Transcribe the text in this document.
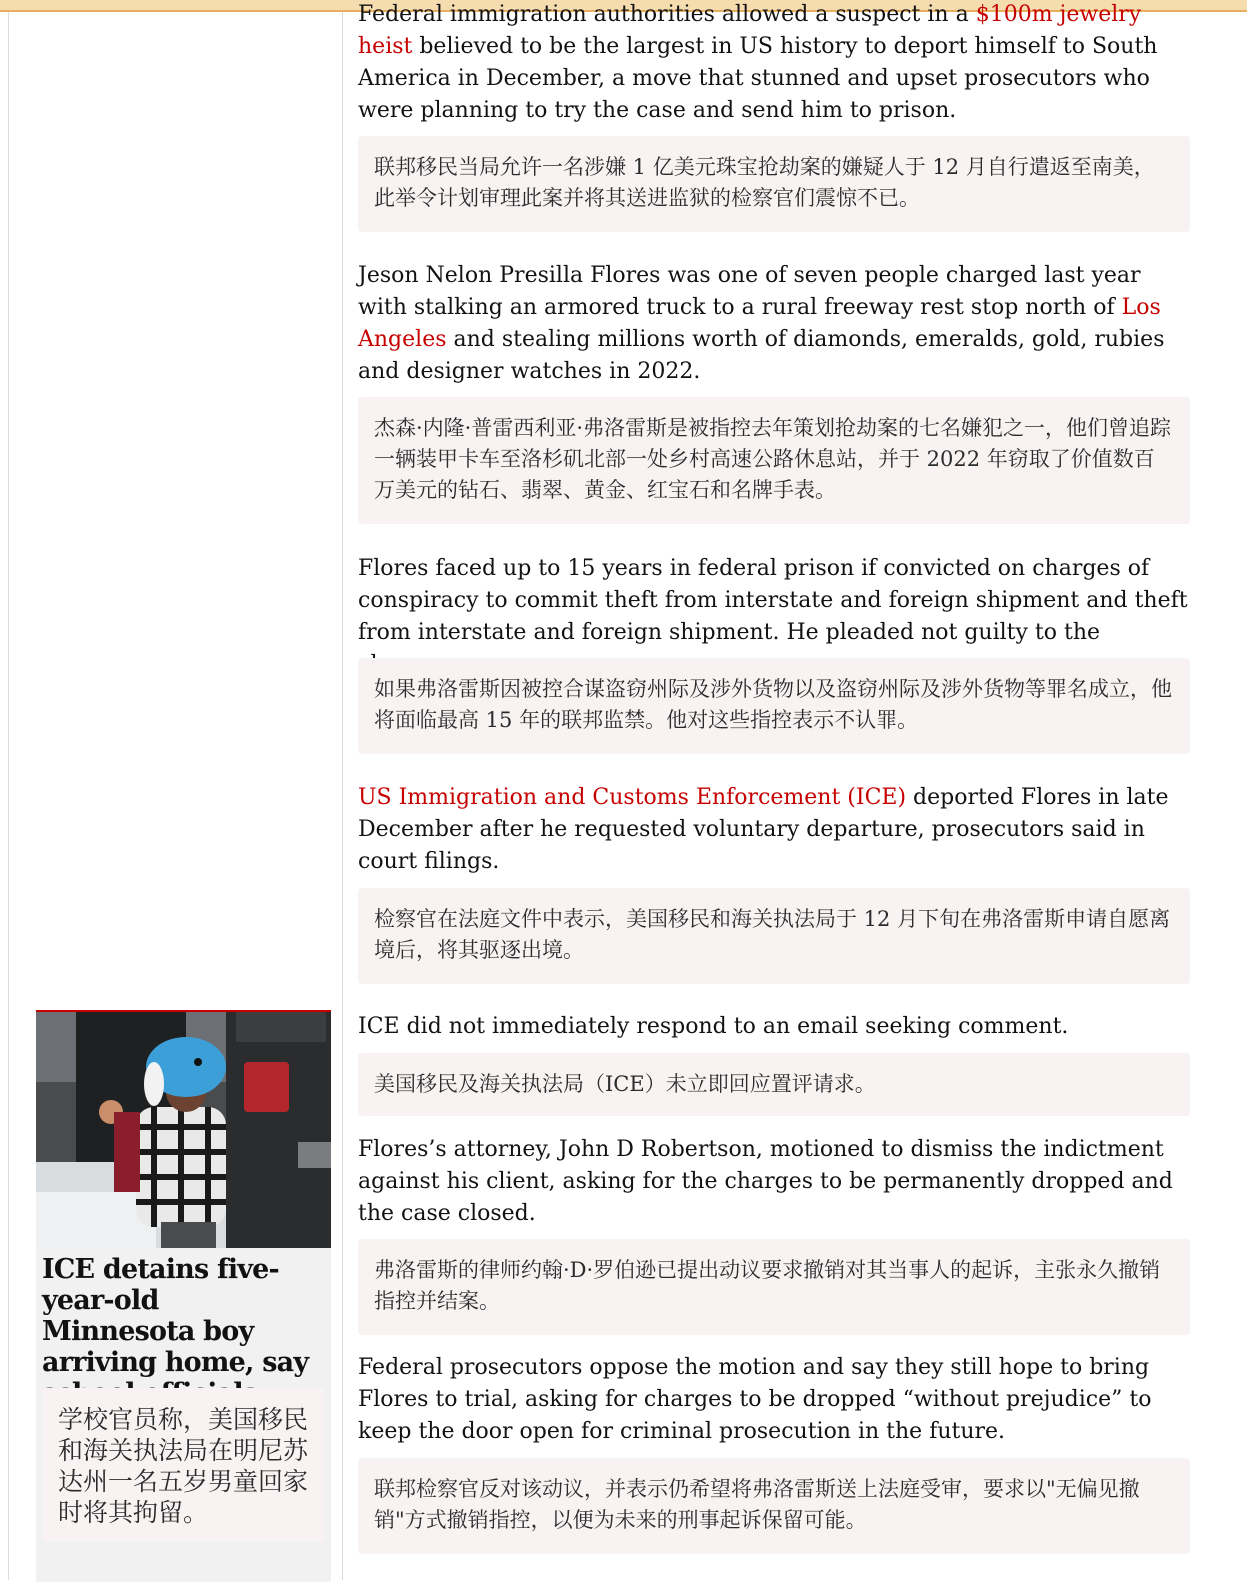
Federal immigration authorities allowed a suspect in a $100m jewelry heist believed to be the largest in US history to deport himself to South America in December, a move that stunned and upset prosecutors who were planning to try the case and send him to prison.

联邦移民当局允许一名涉嫌 1 亿美元珠宝抢劫案的嫌疑人于 12 月自行遣返至南美，此举令计划审理此案并将其送进监狱的检察官们震惊不已。

Jeson Nelon Presilla Flores was one of seven people charged last year with stalking an armored truck to a rural freeway rest stop north of Los Angeles and stealing millions worth of diamonds, emeralds, gold, rubies and designer watches in 2022.

杰森·内隆·普雷西利亚·弗洛雷斯是被指控去年策划抢劫案的七名嫌犯之一，他们曾追踪一辆装甲卡车至洛杉矶北部一处乡村高速公路休息站，并于 2022 年窃取了价值数百万美元的钻石、翡翠、黄金、红宝石和名牌手表。

Flores faced up to 15 years in federal prison if convicted on charges of conspiracy to commit theft from interstate and foreign shipment and theft from interstate and foreign shipment. He pleaded not guilty to the

如果弗洛雷斯因被控合谋盗窃州际及涉外货物以及盗窃州际及涉外货物等罪名成立，他将面临最高 15 年的联邦监禁。他对这些指控表示不认罪。

US Immigration and Customs Enforcement (ICE) deported Flores in late December after he requested voluntary departure, prosecutors said in court filings.

检察官在法庭文件中表示，美国移民和海关执法局于 12 月下旬在弗洛雷斯申请自愿离境后，将其驱逐出境。

ICE did not immediately respond to an email seeking comment.

美国移民及海关执法局（ICE）未立即回应置评请求。

Flores’s attorney, John D Robertson, motioned to dismiss the indictment against his client, asking for the charges to be permanently dropped and the case closed.

弗洛雷斯的律师约翰·D·罗伯逊已提出动议要求撤销对其当事人的起诉，主张永久撤销指控并结案。

Federal prosecutors oppose the motion and say they still hope to bring Flores to trial, asking for charges to be dropped “without prejudice” to keep the door open for criminal prosecution in the future.

联邦检察官反对该动议，并表示仍希望将弗洛雷斯送上法庭受审，要求以"无偏见撤销"方式撤销指控，以便为未来的刑事起诉保留可能。
ICE detains five-year-old Minnesota boy arriving home, say
学校官员称，美国移民和海关执法局在明尼苏达州一名五岁男童回家时将其拘留。
